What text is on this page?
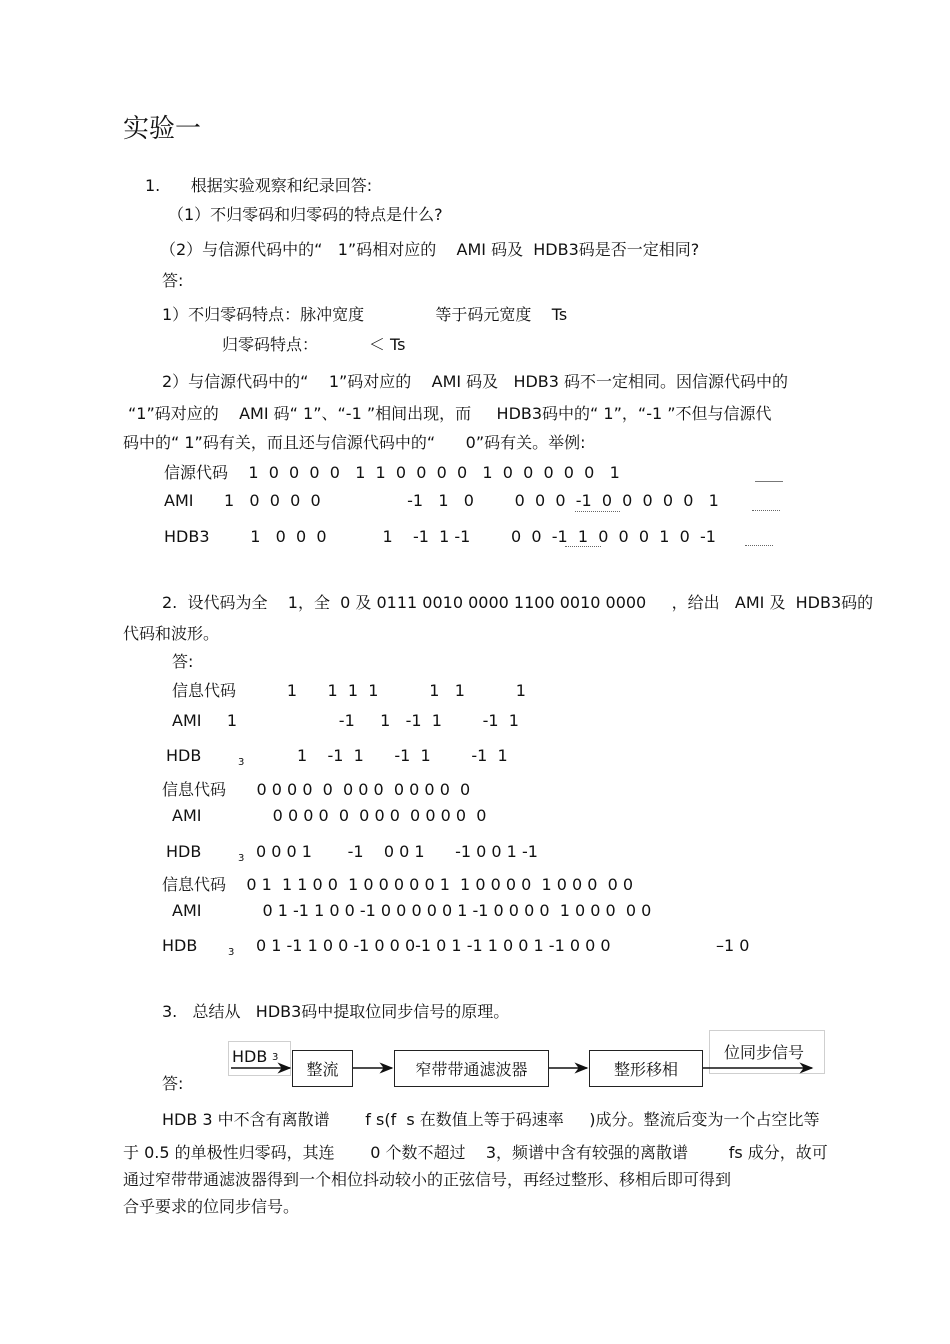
实验一
1.      根据实验观察和纪录回答:
（1）不归零码和归零码的特点是什么?
（2）与信源代码中的“   1”码相对应的    AMI 码及  HDB3码是否一定相同?
答:
1）不归零码特点：脉冲宽度              等于码元宽度    Ts
归零码特点：          ＜ Ts
2）与信源代码中的“    1”码对应的    AMI 码及   HDB3 码不一定相同。因信源代码中的
“1”码对应的    AMI 码“ 1”、“-1 ”相间出现，而     HDB3码中的“ 1”，“-1 ”不但与信源代
码中的“ 1”码有关，而且还与信源代码中的“      0”码有关。举例:
信源代码    1  0  0  0  0   1  1  0  0  0  0   1  0  0  0  0  0   1
AMI      1   0  0  0  0                 -1   1   0        0  0  0  -1  0  0  0  0  0   1
HDB3        1   0  0  0           1    -1  1 -1        0  0  -1  1  0  0  0  1  0  -1
2.  设代码为全    1，全  0 及 0111 0010 0000 1100 0010 0000     ，给出   AMI 及  HDB3码的
代码和波形。
答:
信息代码          1      1  1  1          1   1          1
AMI     1                    -1     1   -1  1        -1  1
HDB	3	1    -1  1      -1  1        -1  1
信息代码      0 0 0 0  0  0 0 0  0 0 0 0  0
AMI              0 0 0 0  0  0 0 0  0 0 0 0  0
HDB	3 0 0 0 1       -1    0 0 1      -1 0 0 1 -1
信息代码    0 1  1 1 0 0  1 0 0 0 0 0 1  1 0 0 0 0  1 0 0 0  0 0
AMI            0 1 -1 1 0 0 -1 0 0 0 0 0 1 -1 0 0 0 0  1 0 0 0  0 0
HDB	3 0 1 -1 1 0 0 -1 0 0 0-1 0 1 -1 1 0 0 1 -1 0 0 0	–1 0
3.   总结从   HDB3码中提取位同步信号的原理。
答:
HDB 3
整流	窄带带通滤波器	整形移相
位同步信号
HDB 3 中不含有离散谱       f s(f  s 在数值上等于码速率     )成分。整流后变为一个占空比等
于 0.5 的单极性归零码，其连       0 个数不超过    3，频谱中含有较强的离散谱        fs 成分，故可
通过窄带带通滤波器得到一个相位抖动较小的正弦信号，再经过整形、移相后即可得到
合乎要求的位同步信号。
